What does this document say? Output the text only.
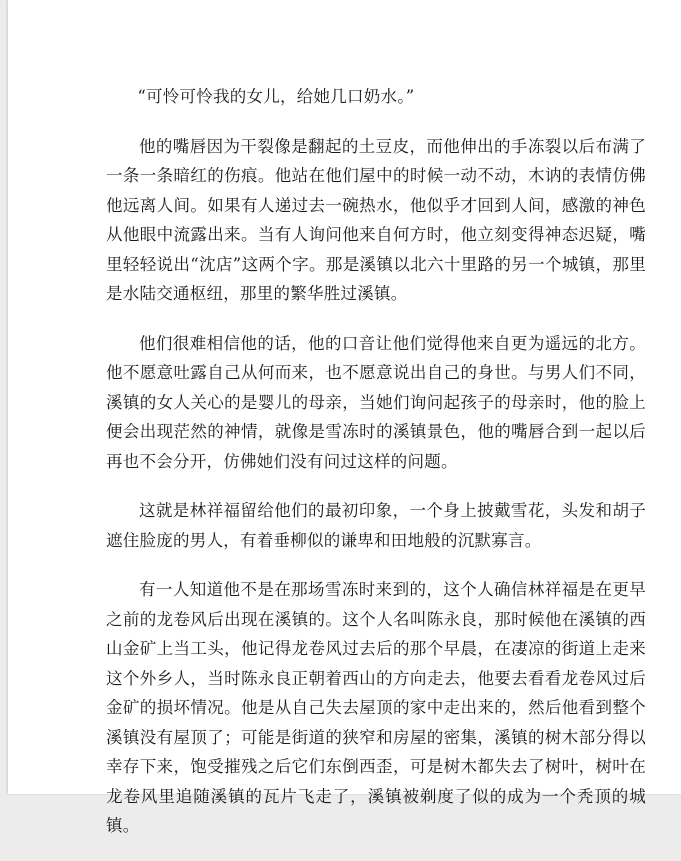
“可怜可怜我的女儿，给她几口奶水。”

他的嘴唇因为干裂像是翻起的土豆皮，而他伸出的手冻裂以后布满了一条一条暗红的伤痕。他站在他们屋中的时候一动不动，木讷的表情仿佛他远离人间。如果有人递过去一碗热水，他似乎才回到人间，感激的神色从他眼中流露出来。当有人询问他来自何方时，他立刻变得神态迟疑，嘴里轻轻说出“沈店”这两个字。那是溪镇以北六十里路的另一个城镇，那里是水陆交通枢纽，那里的繁华胜过溪镇。

他们很难相信他的话，他的口音让他们觉得他来自更为遥远的北方。他不愿意吐露自己从何而来，也不愿意说出自己的身世。与男人们不同，溪镇的女人关心的是婴儿的母亲，当她们询问起孩子的母亲时，他的脸上便会出现茫然的神情，就像是雪冻时的溪镇景色，他的嘴唇合到一起以后再也不会分开，仿佛她们没有问过这样的问题。

这就是林祥福留给他们的最初印象，一个身上披戴雪花，头发和胡子遮住脸庞的男人，有着垂柳似的谦卑和田地般的沉默寡言。

有一人知道他不是在那场雪冻时来到的，这个人确信林祥福是在更早之前的龙卷风后出现在溪镇的。这个人名叫陈永良，那时候他在溪镇的西山金矿上当工头，他记得龙卷风过去后的那个早晨，在凄凉的街道上走来这个外乡人，当时陈永良正朝着西山的方向走去，他要去看看龙卷风过后金矿的损坏情况。他是从自己失去屋顶的家中走出来的，然后他看到整个溪镇没有屋顶了；可能是街道的狭窄和房屋的密集，溪镇的树木部分得以幸存下来，饱受摧残之后它们东倒西歪，可是树木都失去了树叶，树叶在龙卷风里追随溪镇的瓦片飞走了，溪镇被剃度了似的成为一个秃顶的城镇。
